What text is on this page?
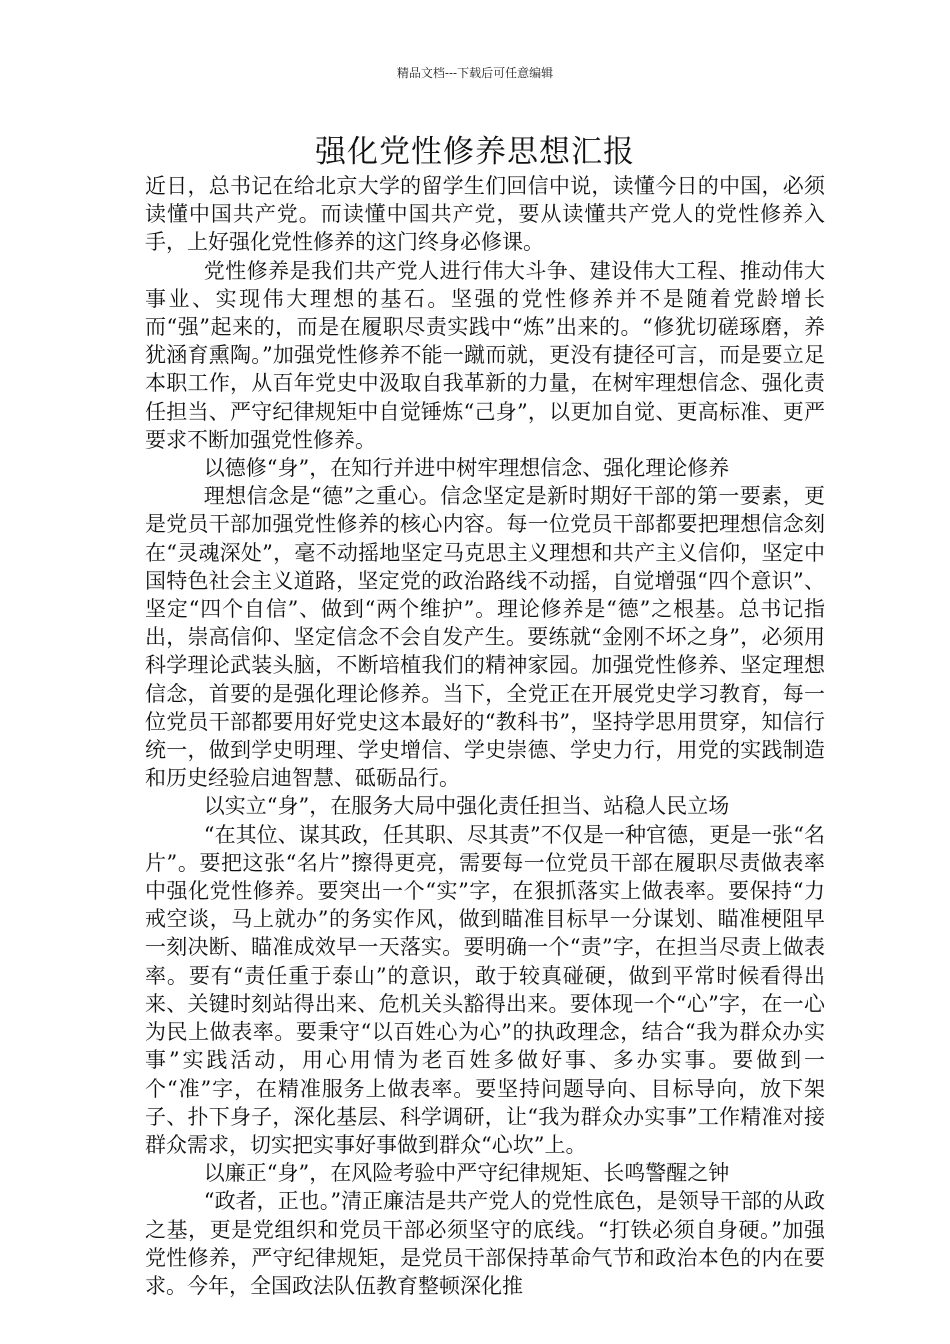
精品文档---下载后可任意编辑
强化党性修养思想汇报

近日，总书记在给北京大学的留学生们回信中说，读懂今日的中国，必须读懂中国共产党。而读懂中国共产党，要从读懂共产党人的党性修养入手，上好强化党性修养的这门终身必修课。

党性修养是我们共产党人进行伟大斗争、建设伟大工程、推动伟大事业、实现伟大理想的基石。坚强的党性修养并不是随着党龄增长而“强”起来的，而是在履职尽责实践中“炼”出来的。“修犹切磋琢磨，养犹涵育熏陶。”加强党性修养不能一蹴而就，更没有捷径可言，而是要立足本职工作，从百年党史中汲取自我革新的力量，在树牢理想信念、强化责任担当、严守纪律规矩中自觉锤炼“己身”，以更加自觉、更高标准、更严要求不断加强党性修养。

以德修“身”，在知行并进中树牢理想信念、强化理论修养

理想信念是“德”之重心。信念坚定是新时期好干部的第一要素，更是党员干部加强党性修养的核心内容。每一位党员干部都要把理想信念刻在“灵魂深处”，毫不动摇地坚定马克思主义理想和共产主义信仰，坚定中国特色社会主义道路，坚定党的政治路线不动摇，自觉增强“四个意识”、坚定“四个自信”、做到“两个维护”。理论修养是“德”之根基。总书记指出，崇高信仰、坚定信念不会自发产生。要练就“金刚不坏之身”，必须用科学理论武装头脑，不断培植我们的精神家园。加强党性修养、坚定理想信念，首要的是强化理论修养。当下，全党正在开展党史学习教育，每一位党员干部都要用好党史这本最好的“教科书”，坚持学思用贯穿，知信行统一，做到学史明理、学史增信、学史崇德、学史力行，用党的实践制造和历史经验启迪智慧、砥砺品行。

以实立“身”，在服务大局中强化责任担当、站稳人民立场

“在其位、谋其政，任其职、尽其责”不仅是一种官德，更是一张“名片”。要把这张“名片”擦得更亮，需要每一位党员干部在履职尽责做表率中强化党性修养。要突出一个“实”字，在狠抓落实上做表率。要保持“力戒空谈，马上就办”的务实作风，做到瞄准目标早一分谋划、瞄准梗阻早一刻决断、瞄准成效早一天落实。要明确一个“责”字，在担当尽责上做表率。要有“责任重于泰山”的意识，敢于较真碰硬，做到平常时候看得出来、关键时刻站得出来、危机关头豁得出来。要体现一个“心”字，在一心为民上做表率。要秉守“以百姓心为心”的执政理念，结合“我为群众办实事”实践活动，用心用情为老百姓多做好事、多办实事。要做到一个“准”字，在精准服务上做表率。要坚持问题导向、目标导向，放下架子、扑下身子，深化基层、科学调研，让“我为群众办实事”工作精准对接群众需求，切实把实事好事做到群众“心坎”上。

以廉正“身”，在风险考验中严守纪律规矩、长鸣警醒之钟

“政者，正也。”清正廉洁是共产党人的党性底色，是领导干部的从政之基，更是党组织和党员干部必须坚守的底线。“打铁必须自身硬。”加强党性修养，严守纪律规矩，是党员干部保持革命气节和政治本色的内在要求。今年，全国政法队伍教育整顿深化推
